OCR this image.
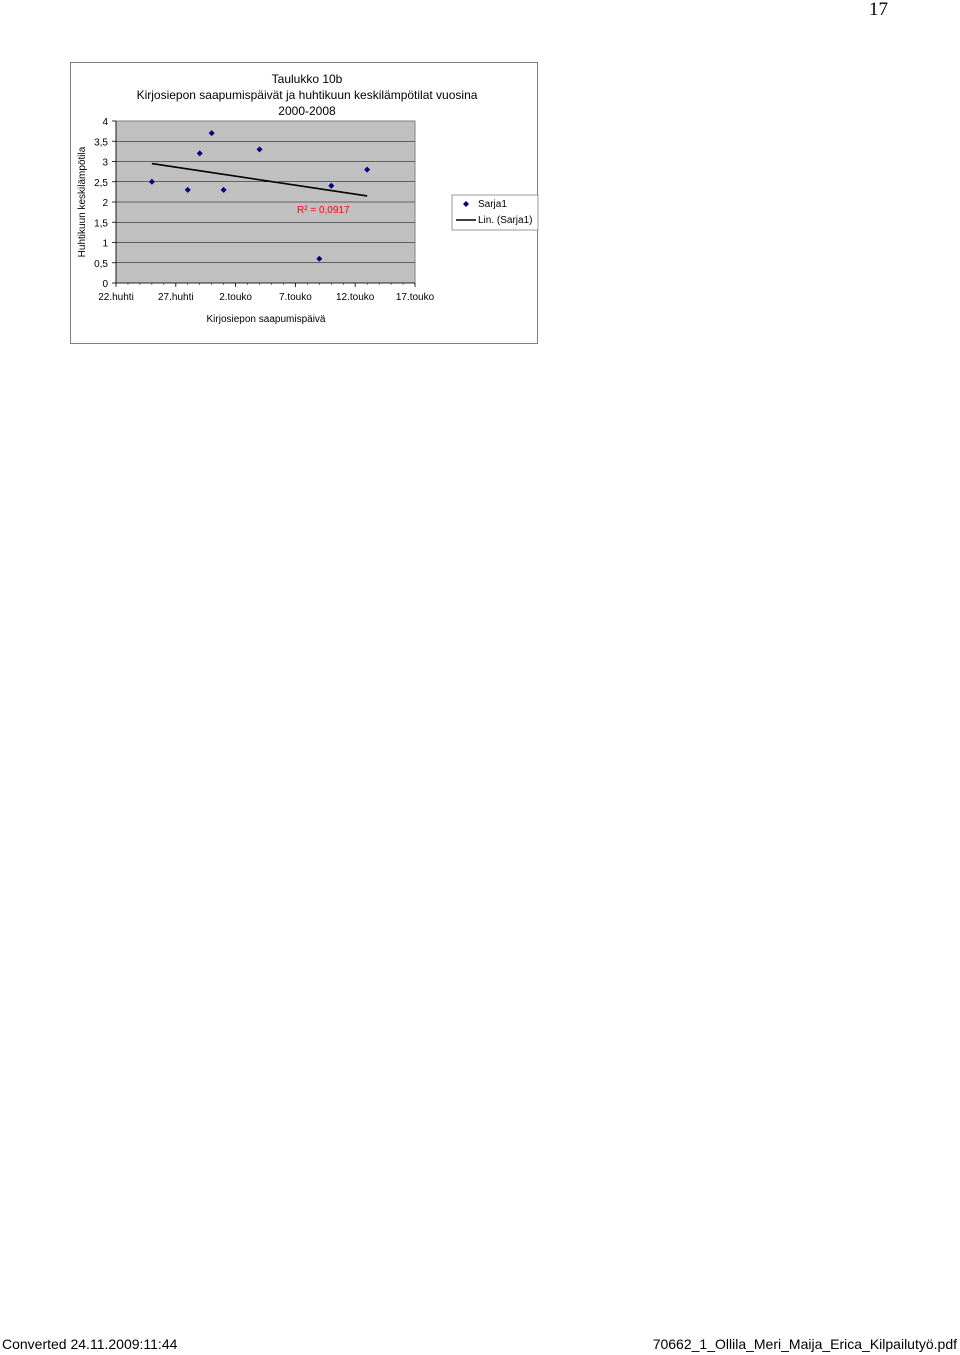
17
0
0,5
1
1,5
2
2,5
3
3,5
4
22.huhti 27.huhti	2.touko	7.touko 12.touko 17.touko
Taulukko 10b
Kirjosiepon saapumispäivät ja huhtikuun keskilämpötilat vuosina
2000-2008
Kirjosiepon saapumispäivä
Huhtikuun keskilämpötila	R² = 0,0917
Sarja1
Lin. (Sarja1)
Converted 24.11.2009:11:44	70662_1_Ollila_Meri_Maija_Erica_Kilpailutyö.pdf
